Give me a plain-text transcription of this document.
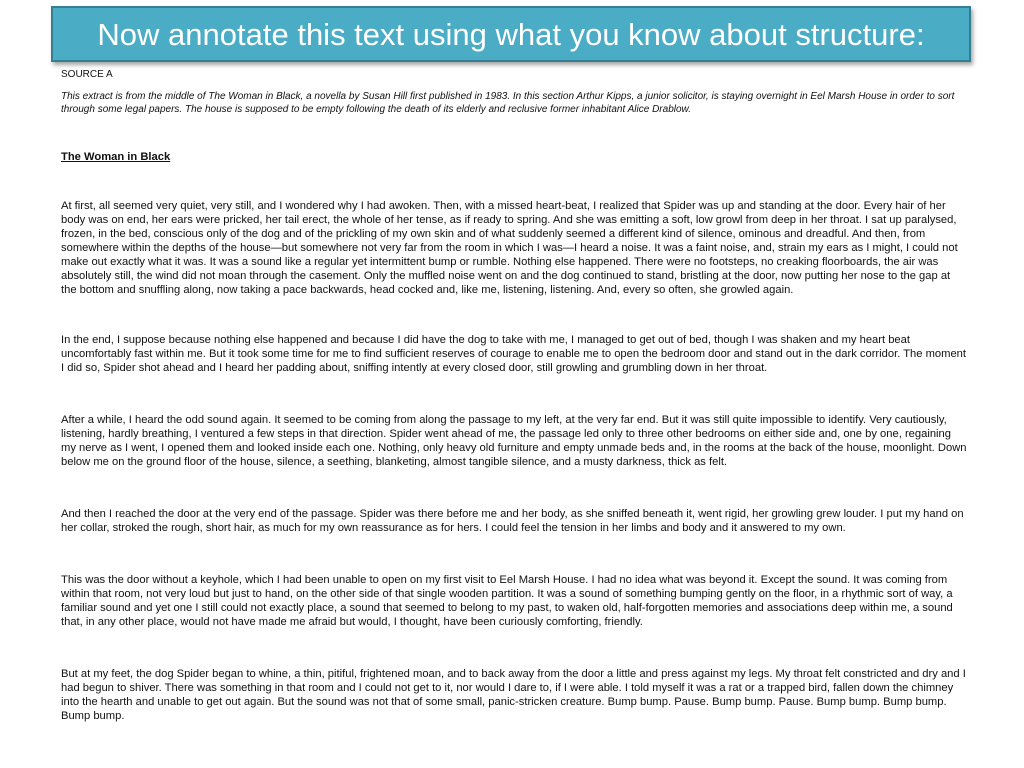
Now annotate this text using what you know about structure:

SOURCE A

This extract is from the middle of The Woman in Black, a novella by Susan Hill first published in 1983. In this section Arthur Kipps, a junior solicitor, is staying overnight in Eel Marsh House in order to sort through some legal papers. The house is supposed to be empty following the death of its elderly and reclusive former inhabitant Alice Drablow.

The Woman in Black

At first, all seemed very quiet, very still, and I wondered why I had awoken. Then, with a missed heart-beat, I realized that Spider was up and standing at the door. Every hair of her body was on end, her ears were pricked, her tail erect, the whole of her tense, as if ready to spring. And she was emitting a soft, low growl from deep in her throat. I sat up paralysed, frozen, in the bed, conscious only of the dog and of the prickling of my own skin and of what suddenly seemed a different kind of silence, ominous and dreadful. And then, from somewhere within the depths of the house—but somewhere not very far from the room in which I was—I heard a noise. It was a faint noise, and, strain my ears as I might, I could not make out exactly what it was. It was a sound like a regular yet intermittent bump or rumble. Nothing else happened. There were no footsteps, no creaking floorboards, the air was absolutely still, the wind did not moan through the casement. Only the muffled noise went on and the dog continued to stand, bristling at the door, now putting her nose to the gap at the bottom and snuffling along, now taking a pace backwards, head cocked and, like me, listening, listening. And, every so often, she growled again.

In the end, I suppose because nothing else happened and because I did have the dog to take with me, I managed to get out of bed, though I was shaken and my heart beat uncomfortably fast within me. But it took some time for me to find sufficient reserves of courage to enable me to open the bedroom door and stand out in the dark corridor. The moment I did so, Spider shot ahead and I heard her padding about, sniffing intently at every closed door, still growling and grumbling down in her throat.

After a while, I heard the odd sound again. It seemed to be coming from along the passage to my left, at the very far end. But it was still quite impossible to identify. Very cautiously, listening, hardly breathing, I ventured a few steps in that direction. Spider went ahead of me, the passage led only to three other bedrooms on either side and, one by one, regaining my nerve as I went, I opened them and looked inside each one. Nothing, only heavy old furniture and empty unmade beds and, in the rooms at the back of the house, moonlight. Down below me on the ground floor of the house, silence, a seething, blanketing, almost tangible silence, and a musty darkness, thick as felt.

And then I reached the door at the very end of the passage. Spider was there before me and her body, as she sniffed beneath it, went rigid, her growling grew louder. I put my hand on her collar, stroked the rough, short hair, as much for my own reassurance as for hers. I could feel the tension in her limbs and body and it answered to my own.

This was the door without a keyhole, which I had been unable to open on my first visit to Eel Marsh House. I had no idea what was beyond it. Except the sound. It was coming from within that room, not very loud but just to hand, on the other side of that single wooden partition. It was a sound of something bumping gently on the floor, in a rhythmic sort of way, a familiar sound and yet one I still could not exactly place, a sound that seemed to belong to my past, to waken old, half-forgotten memories and associations deep within me, a sound that, in any other place, would not have made me afraid but would, I thought, have been curiously comforting, friendly.

But at my feet, the dog Spider began to whine, a thin, pitiful, frightened moan, and to back away from the door a little and press against my legs. My throat felt constricted and dry and I had begun to shiver. There was something in that room and I could not get to it, nor would I dare to, if I were able. I told myself it was a rat or a trapped bird, fallen down the chimney into the hearth and unable to get out again. But the sound was not that of some small, panic-stricken creature. Bump bump. Pause. Bump bump. Pause. Bump bump. Bump bump. Bump bump.
